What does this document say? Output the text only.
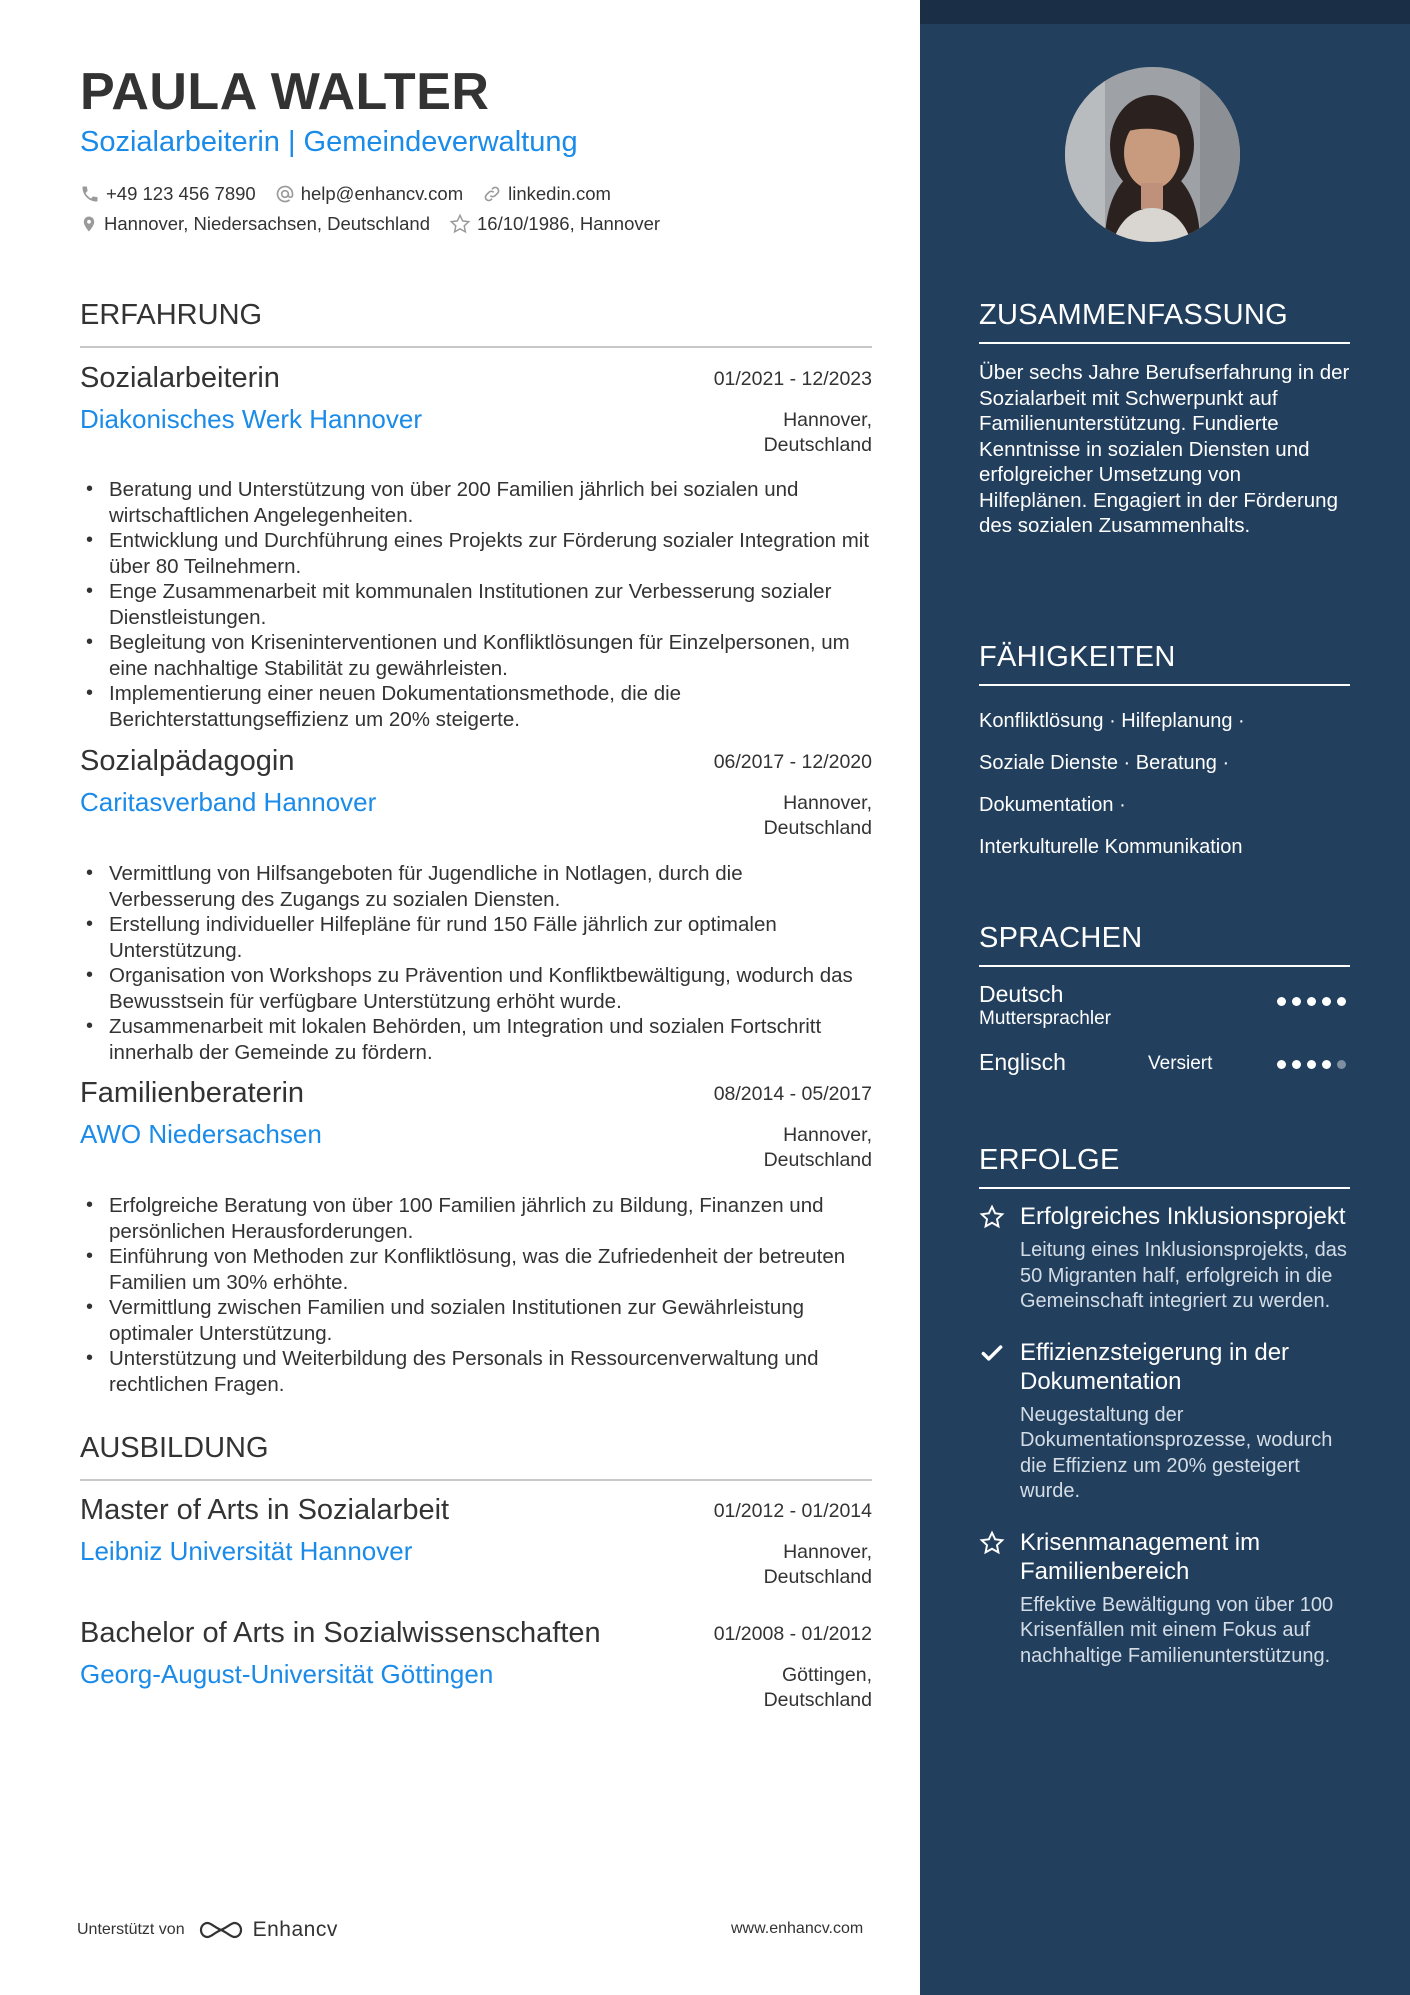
PAULA WALTER
Sozialarbeiterin | Gemeindeverwaltung
+49 123 456 7890 help@enhancv.com linkedin.com
Hannover, Niedersachsen, Deutschland	16/10/1986, Hannover
ERFAHRUNG
Sozialarbeiterin	01/2021 - 12/2023
Diakonisches Werk Hannover	Hannover,
Deutschland
• Beratung und Unterstützung von über 200 Familien jährlich bei sozialen und wirtschaftlichen Angelegenheiten.
• Entwicklung und Durchführung eines Projekts zur Förderung sozialer Integration mit über 80 Teilnehmern.
• Enge Zusammenarbeit mit kommunalen Institutionen zur Verbesserung sozialer Dienstleistungen.
• Begleitung von Kriseninterventionen und Konfliktlösungen für Einzelpersonen, um eine nachhaltige Stabilität zu gewährleisten.
• Implementierung einer neuen Dokumentationsmethode, die die Berichterstattungseffizienz um 20% steigerte.
Sozialpädagogin	06/2017 - 12/2020
Caritasverband Hannover	Hannover,
Deutschland
• Vermittlung von Hilfsangeboten für Jugendliche in Notlagen, durch die Verbesserung des Zugangs zu sozialen Diensten.
• Erstellung individueller Hilfepläne für rund 150 Fälle jährlich zur optimalen Unterstützung.
• Organisation von Workshops zu Prävention und Konfliktbewältigung, wodurch das Bewusstsein für verfügbare Unterstützung erhöht wurde.
• Zusammenarbeit mit lokalen Behörden, um Integration und sozialen Fortschritt innerhalb der Gemeinde zu fördern.
Familienberaterin	08/2014 - 05/2017
AWO Niedersachsen	Hannover,
Deutschland
• Erfolgreiche Beratung von über 100 Familien jährlich zu Bildung, Finanzen und persönlichen Herausforderungen.
• Einführung von Methoden zur Konfliktlösung, was die Zufriedenheit der betreuten Familien um 30% erhöhte.
• Vermittlung zwischen Familien und sozialen Institutionen zur Gewährleistung optimaler Unterstützung.
• Unterstützung und Weiterbildung des Personals in Ressourcenverwaltung und rechtlichen Fragen.
AUSBILDUNG
Master of Arts in Sozialarbeit	01/2012 - 01/2014
Leibniz Universität Hannover	Hannover,
Deutschland
Bachelor of Arts in Sozialwissenschaften	01/2008 - 01/2012
Georg-August-Universität Göttingen	Göttingen,
Deutschland
Unterstützt von	Enhancv	www.enhancv.com
ZUSAMMENFASSUNG
Über sechs Jahre Berufserfahrung in der Sozialarbeit mit Schwerpunkt auf Familienunterstützung. Fundierte Kenntnisse in sozialen Diensten und erfolgreicher Umsetzung von Hilfeplänen. Engagiert in der Förderung des sozialen Zusammenhalts.
FÄHIGKEITEN
Konfliktlösung · Hilfeplanung ·
Soziale Dienste · Beratung ·
Dokumentation ·
Interkulturelle Kommunikation
SPRACHEN
Deutsch
Muttersprachler
Englisch	Versiert
ERFOLGE
Erfolgreiches Inklusionsprojekt
Leitung eines Inklusionsprojekts, das 50 Migranten half, erfolgreich in die Gemeinschaft integriert zu werden.
Effizienzsteigerung in der Dokumentation
Neugestaltung der Dokumentationsprozesse, wodurch die Effizienz um 20% gesteigert wurde.
Krisenmanagement im Familienbereich
Effektive Bewältigung von über 100 Krisenfällen mit einem Fokus auf nachhaltige Familienunterstützung.
